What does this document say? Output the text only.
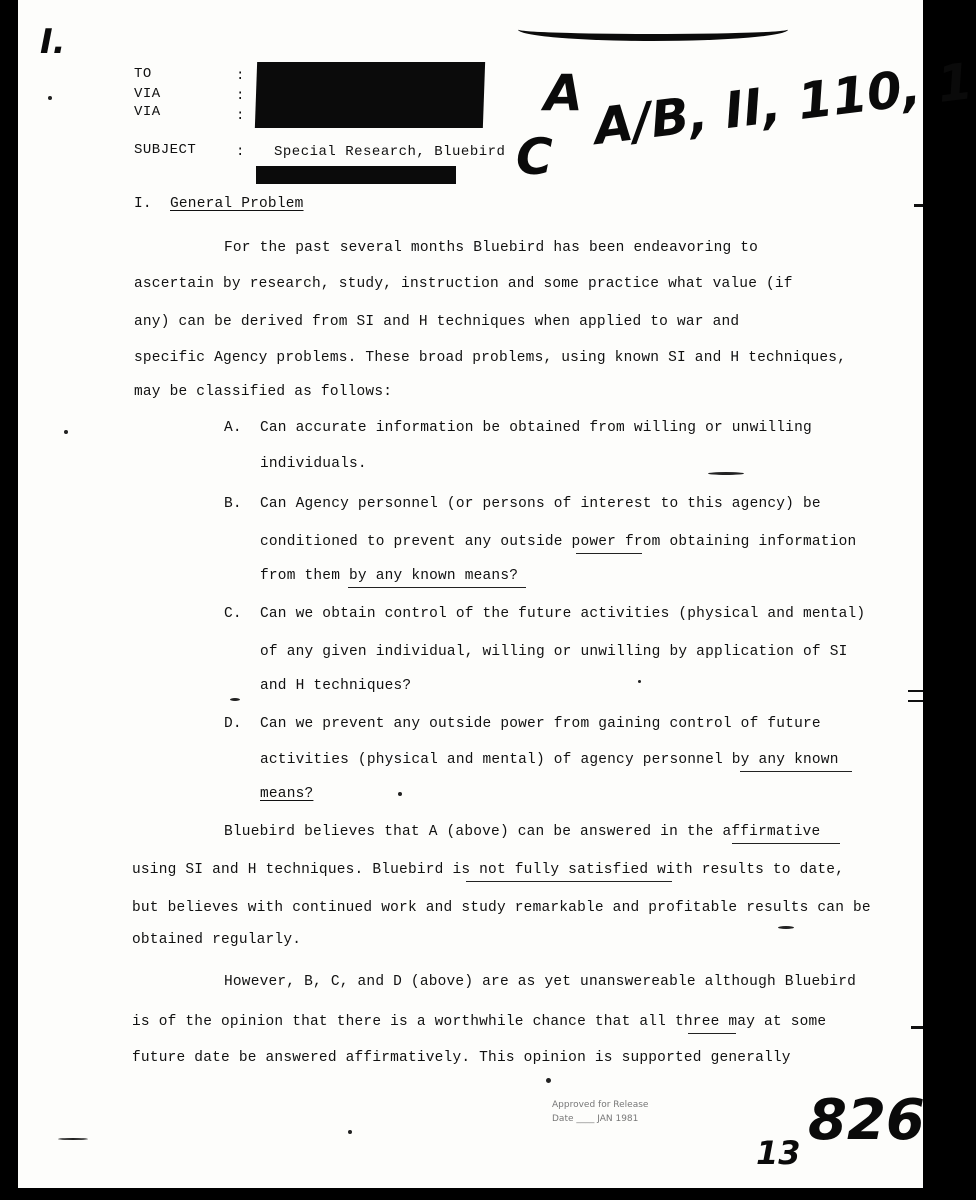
I.
TO
VIA
VIA
:
:
:
SUBJECT	: Special Research, Bluebird
A
C
A/B, II, 110, 1
I. General Problem
For the past several months Bluebird has been endeavoring to
ascertain by research, study, instruction and some practice what value (if
any) can be derived from SI and H techniques when applied to war and
specific Agency problems. These broad problems, using known SI and H techniques,
may be classified as follows:
A. Can accurate information be obtained from willing or unwilling
individuals.
B. Can Agency personnel (or persons of interest to this agency) be
conditioned to prevent any outside power from obtaining information
from them by any known means?
C. Can we obtain control of the future activities (physical and mental)
of any given individual, willing or unwilling by application of SI
and H techniques?
D. Can we prevent any outside power from gaining control of future
activities (physical and mental) of agency personnel by any known
means?
Bluebird believes that A (above) can be answered in the affirmative
using SI and H techniques. Bluebird is not fully satisfied with results to date,
but believes with continued work and study remarkable and profitable results can be
obtained regularly.
However, B, C, and D (above) are as yet unanswereable although Bluebird
is of the opinion that there is a worthwhile chance that all three may at some
future date be answered affirmatively. This opinion is supported generally
Approved for Release
Date ____ JAN 1981
13 826
